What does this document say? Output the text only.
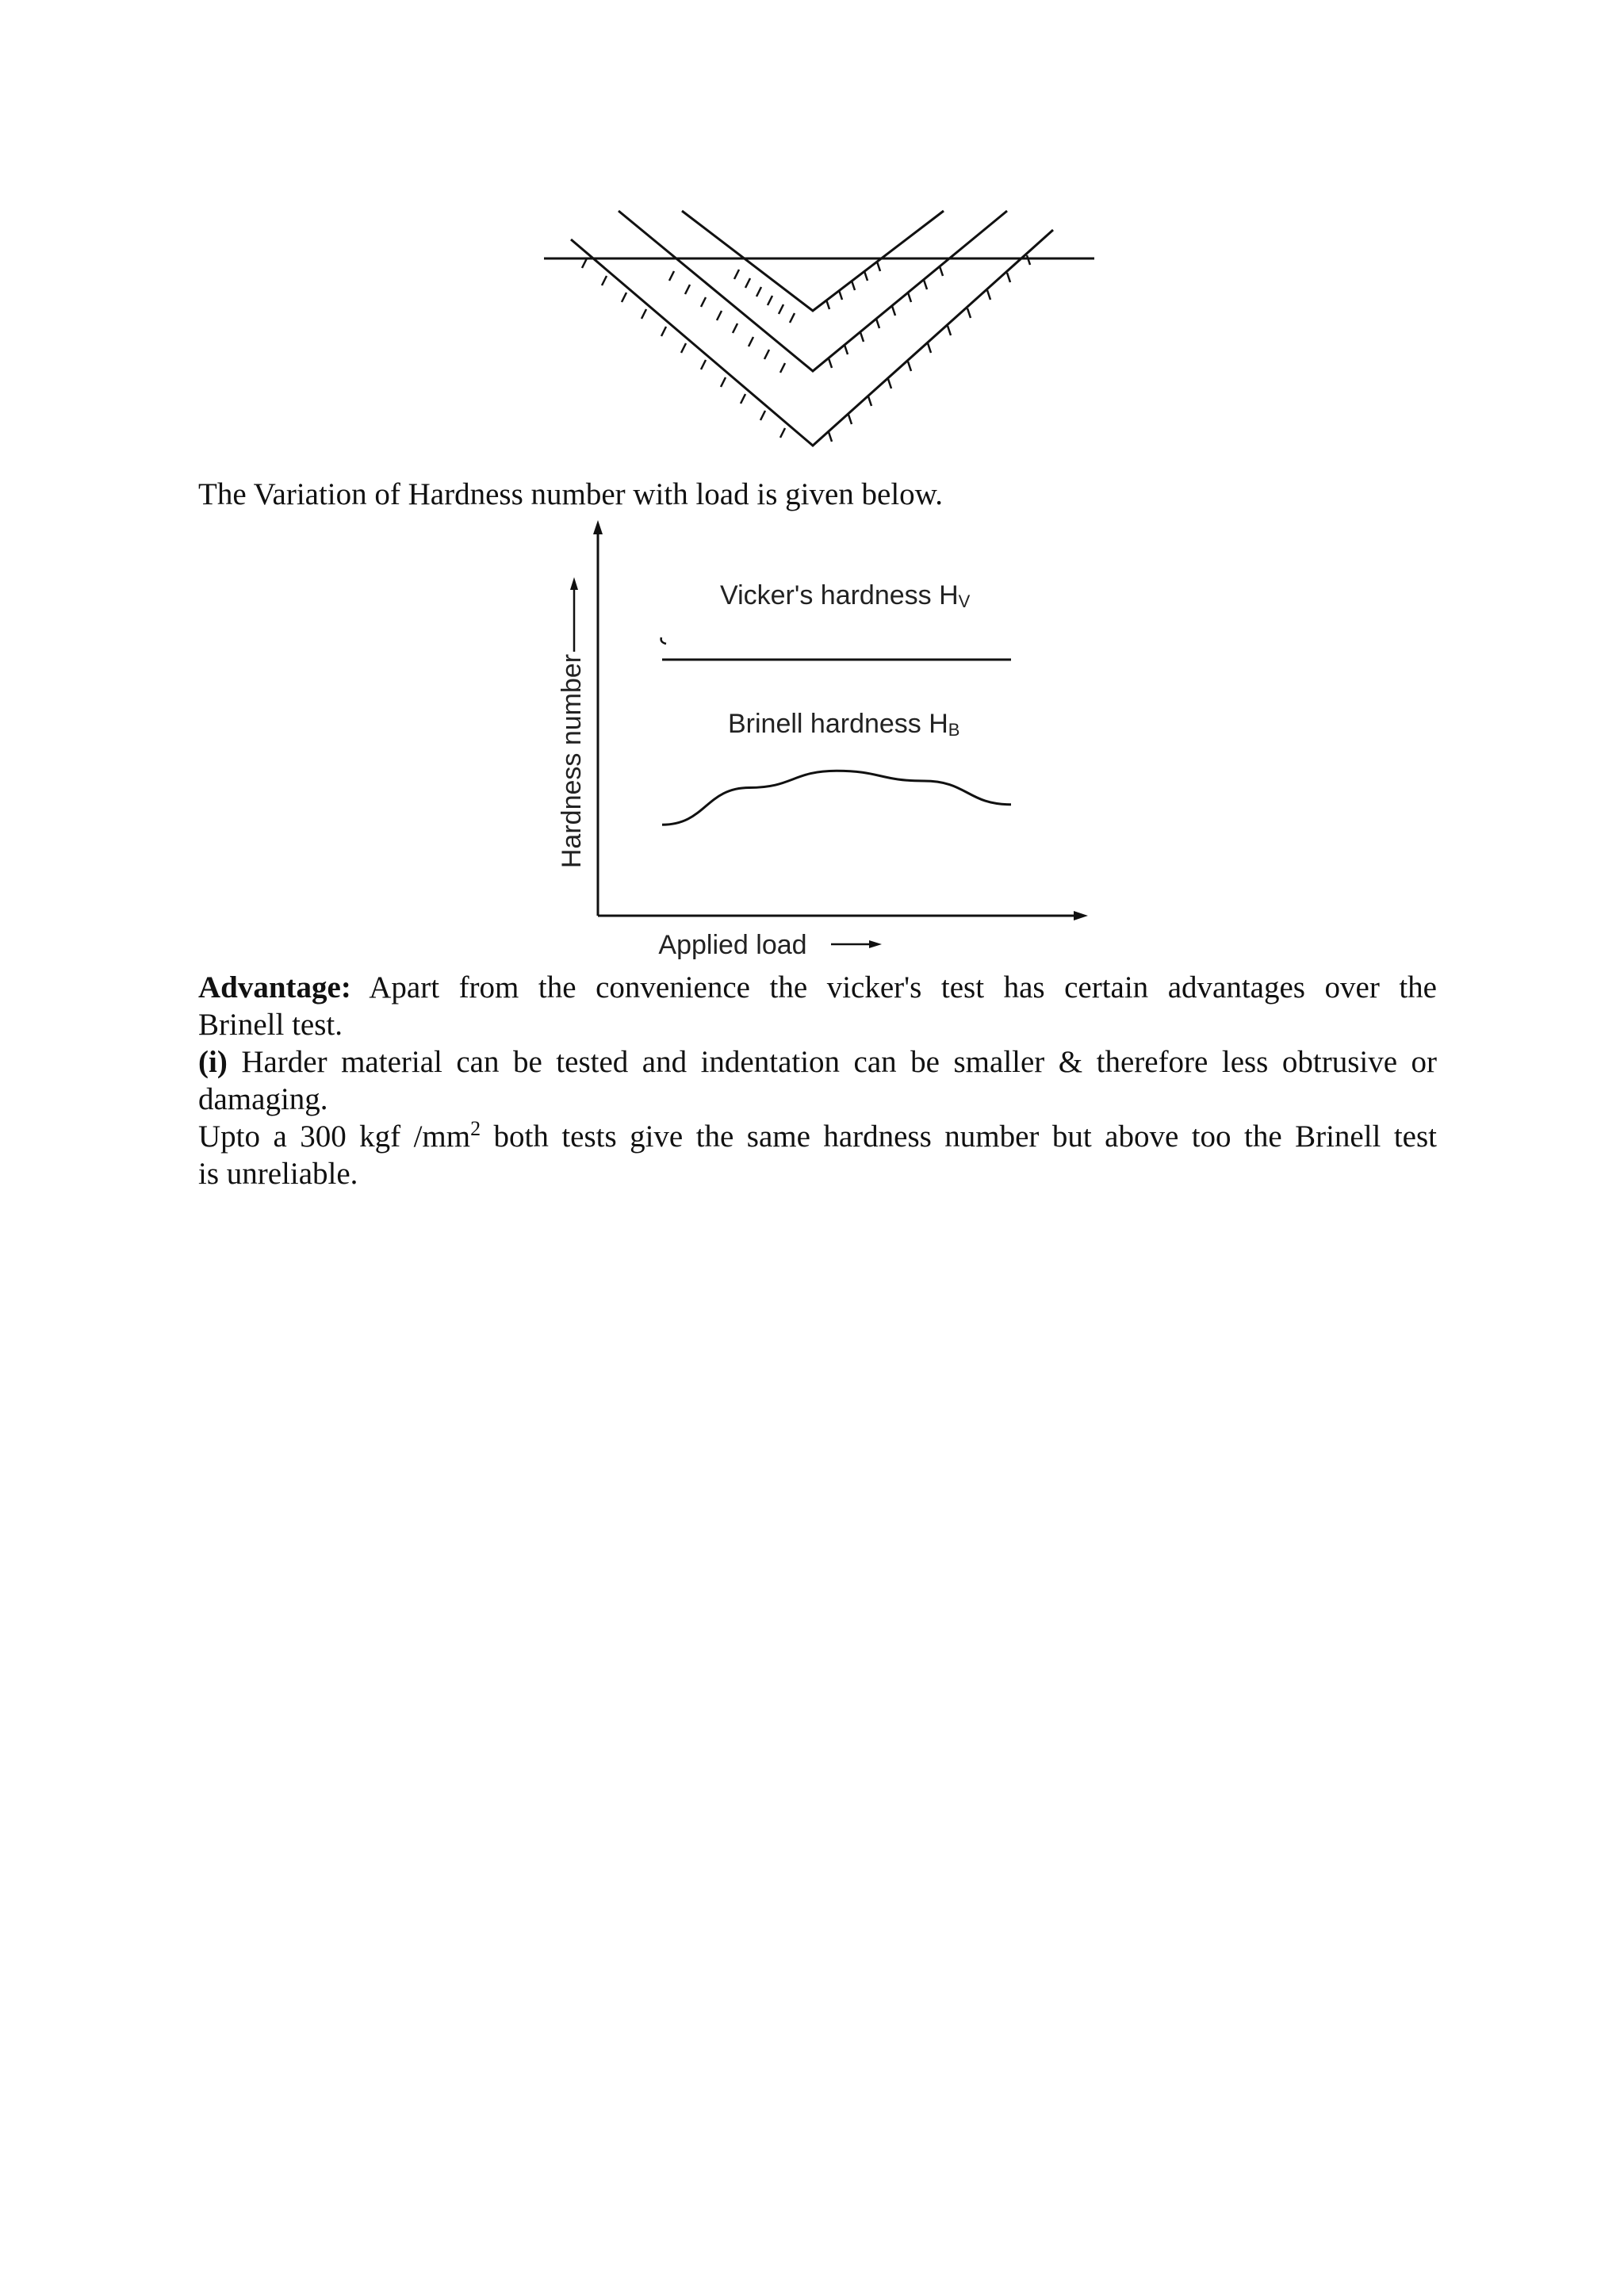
The Variation of Hardness number with load is given below.
Hardness number
Applied load
Vicker's hardness HV
Brinell hardness HB
Advantage: Apart from the convenience the vicker's test has certain advantages over the
Brinell test.
(i) Harder material can be tested and indentation can be smaller & therefore less obtrusive or
damaging.
Upto a 300 kgf $/mm^2$ both tests give the same hardness number but above too the Brinell test
is unreliable.
